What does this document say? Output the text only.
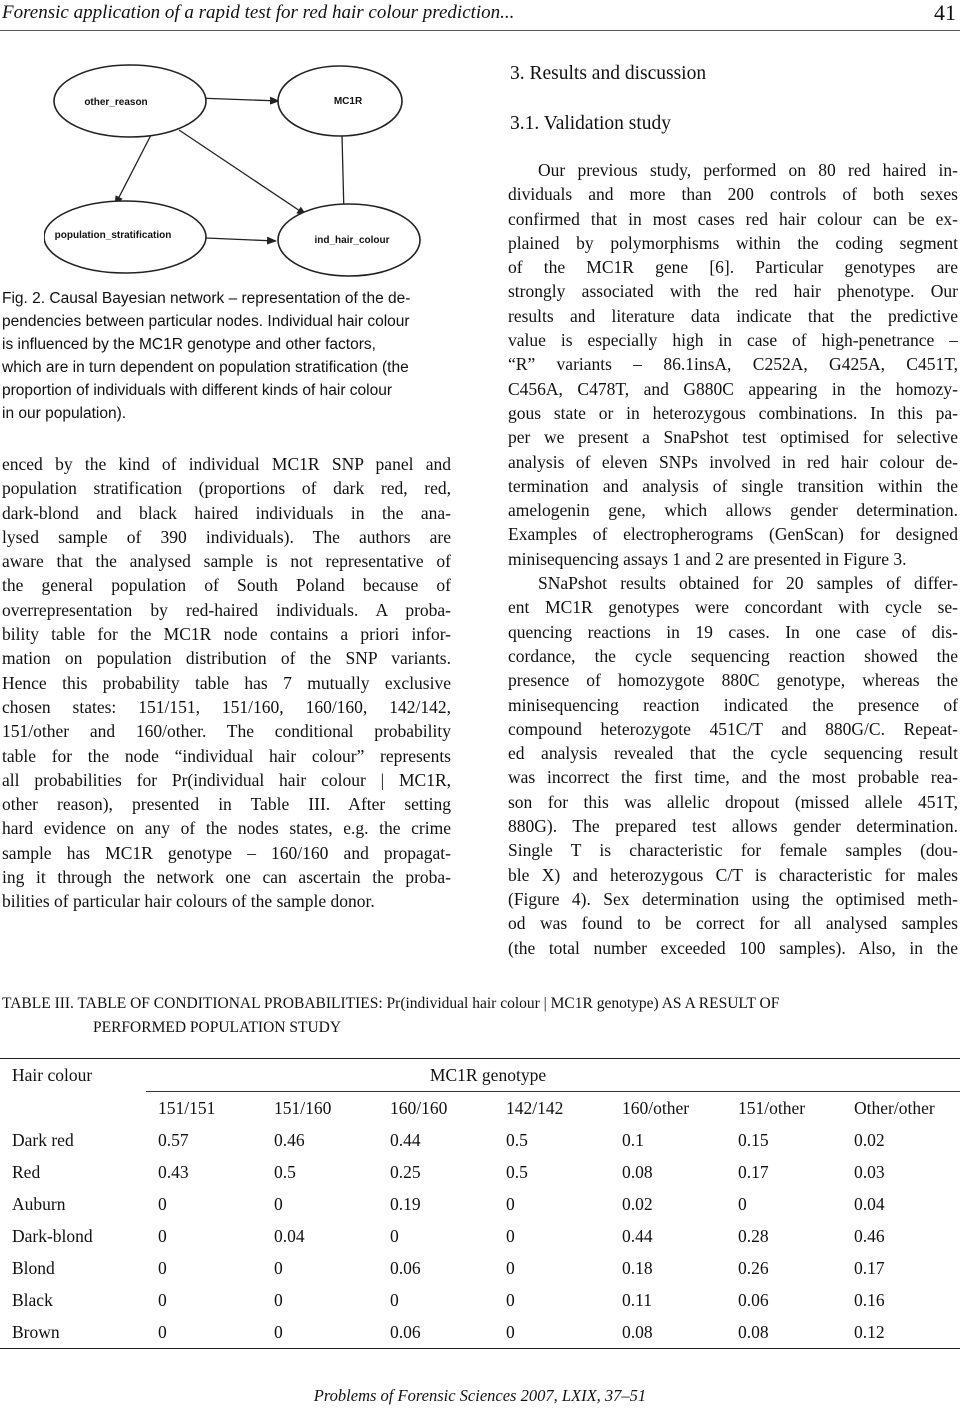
Forensic application of a rapid test for red hair colour prediction...	41
other_reason	MC1R
population_stratification	ind_hair_colour
Fig. 2. Causal Bayesian network – representation of the de-
pendencies between particular nodes. Individual hair colour
is influenced by the MC1R genotype and other factors,
which are in turn dependent on population stratification (the
proportion of individuals with different kinds of hair colour
in our population).
enced by the kind of individual MC1R SNP panel and
population stratification (proportions of dark red, red,
dark-blond and black haired individuals in the ana-
lysed sample of 390 individuals). The authors are
aware that the analysed sample is not representative of
the general population of South Poland because of
overrepresentation by red-haired individuals. A proba-
bility table for the MC1R node contains a priori infor-
mation on population distribution of the SNP variants.
Hence this probability table has 7 mutually exclusive
chosen states: 151/151, 151/160, 160/160, 142/142,
151/other and 160/other. The conditional probability
table for the node “individual hair colour” represents
all probabilities for Pr(individual hair colour | MC1R,
other reason), presented in Table III. After setting
hard evidence on any of the nodes states, e.g. the crime
sample has MC1R genotype – 160/160 and propagat-
ing it through the network one can ascertain the proba-
bilities of particular hair colours of the sample donor.
3. Results and discussion
3.1. Validation study
Our previous study, performed on 80 red haired in-
dividuals and more than 200 controls of both sexes
confirmed that in most cases red hair colour can be ex-
plained by polymorphisms within the coding segment
of the MC1R gene [6]. Particular genotypes are
strongly associated with the red hair phenotype. Our
results and literature data indicate that the predictive
value is especially high in case of high-penetrance –
“R” variants – 86.1insA, C252A, G425A, C451T,
C456A, C478T, and G880C appearing in the homozy-
gous state or in heterozygous combinations. In this pa-
per we present a SnaPshot test optimised for selective
analysis of eleven SNPs involved in red hair colour de-
termination and analysis of single transition within the
amelogenin gene, which allows gender determination.
Examples of electropherograms (GenScan) for designed
minisequencing assays 1 and 2 are presented in Figure 3.
SNaPshot results obtained for 20 samples of differ-
ent MC1R genotypes were concordant with cycle se-
quencing reactions in 19 cases. In one case of dis-
cordance, the cycle sequencing reaction showed the
presence of homozygote 880C genotype, whereas the
minisequencing reaction indicated the presence of
compound heterozygote 451C/T and 880G/C. Repeat-
ed analysis revealed that the cycle sequencing result
was incorrect the first time, and the most probable rea-
son for this was allelic dropout (missed allele 451T,
880G). The prepared test allows gender determination.
Single T is characteristic for female samples (dou-
ble X) and heterozygous C/T is characteristic for males
(Figure 4). Sex determination using the optimised meth-
od was found to be correct for all analysed samples
(the total number exceeded 100 samples). Also, in the
TABLE III. TABLE OF CONDITIONAL PROBABILITIES: Pr(individual hair colour | MC1R genotype) AS A RESULT OF
PERFORMED POPULATION STUDY
Hair colour	MC1R genotype						
	151/151	151/160	160/160	142/142	160/other	151/other	Other/other
Dark red	0.57	0.46	0.44	0.5	0.1	0.15	0.02
Red	0.43	0.5	0.25	0.5	0.08	0.17	0.03
Auburn	0	0	0.19	0	0.02	0	0.04
Dark-blond	0	0.04	0	0	0.44	0.28	0.46
Blond	0	0	0.06	0	0.18	0.26	0.17
Black	0	0	0	0	0.11	0.06	0.16
Brown	0	0	0.06	0	0.08	0.08	0.12
Problems of Forensic Sciences 2007, LXIX, 37–51
